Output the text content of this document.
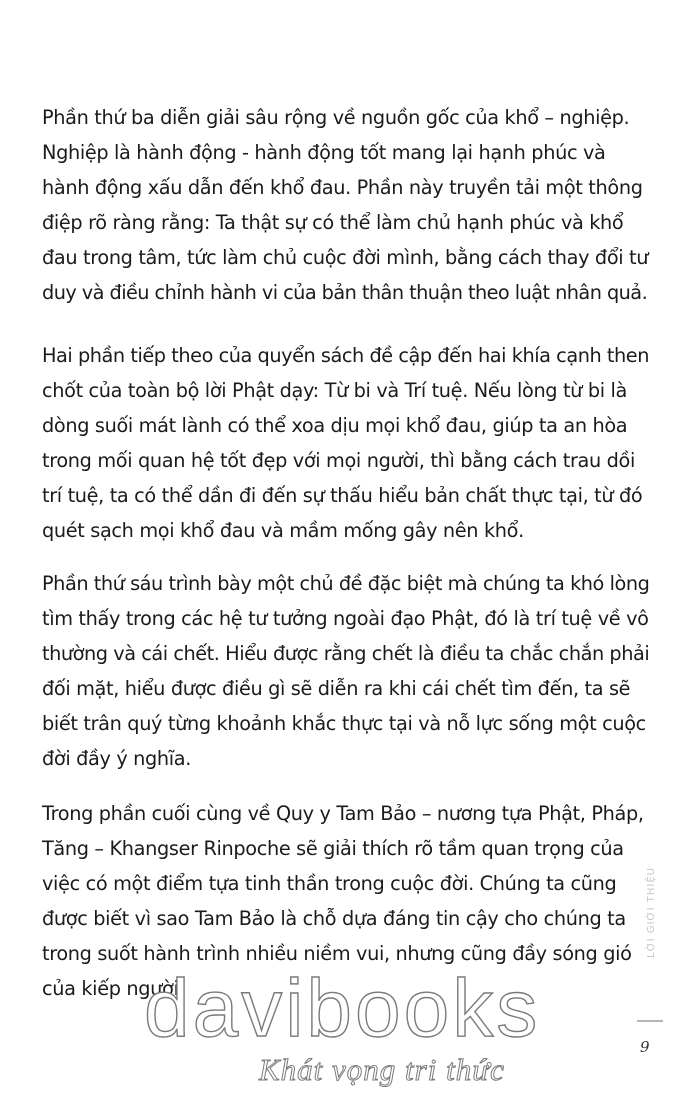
Phần thứ ba diễn giải sâu rộng về nguồn gốc của khổ – nghiệp.
Nghiệp là hành động - hành động tốt mang lại hạnh phúc và
hành động xấu dẫn đến khổ đau. Phần này truyền tải một thông
điệp rõ ràng rằng: Ta thật sự có thể làm chủ hạnh phúc và khổ
đau trong tâm, tức làm chủ cuộc đời mình, bằng cách thay đổi tư
duy và điều chỉnh hành vi của bản thân thuận theo luật nhân quả.
Hai phần tiếp theo của quyển sách đề cập đến hai khía cạnh then
chốt của toàn bộ lời Phật dạy: Từ bi và Trí tuệ. Nếu lòng từ bi là
dòng suối mát lành có thể xoa dịu mọi khổ đau, giúp ta an hòa
trong mối quan hệ tốt đẹp với mọi người, thì bằng cách trau dồi
trí tuệ, ta có thể dần đi đến sự thấu hiểu bản chất thực tại, từ đó
quét sạch mọi khổ đau và mầm mống gây nên khổ.
Phần thứ sáu trình bày một chủ đề đặc biệt mà chúng ta khó lòng
tìm thấy trong các hệ tư tưởng ngoài đạo Phật, đó là trí tuệ về vô
thường và cái chết. Hiểu được rằng chết là điều ta chắc chắn phải
đối mặt, hiểu được điều gì sẽ diễn ra khi cái chết tìm đến, ta sẽ
biết trân quý từng khoảnh khắc thực tại và nỗ lực sống một cuộc
đời đầy ý nghĩa.
Trong phần cuối cùng về Quy y Tam Bảo – nương tựa Phật, Pháp,
Tăng – Khangser Rinpoche sẽ giải thích rõ tầm quan trọng của
việc có một điểm tựa tinh thần trong cuộc đời. Chúng ta cũng
được biết vì sao Tam Bảo là chỗ dựa đáng tin cậy cho chúng ta
trong suốt hành trình nhiều niềm vui, nhưng cũng đầy sóng gió
của kiếp người.
LỜI GIỚI THIỆU
9
davibooks
Khát vọng tri thức
